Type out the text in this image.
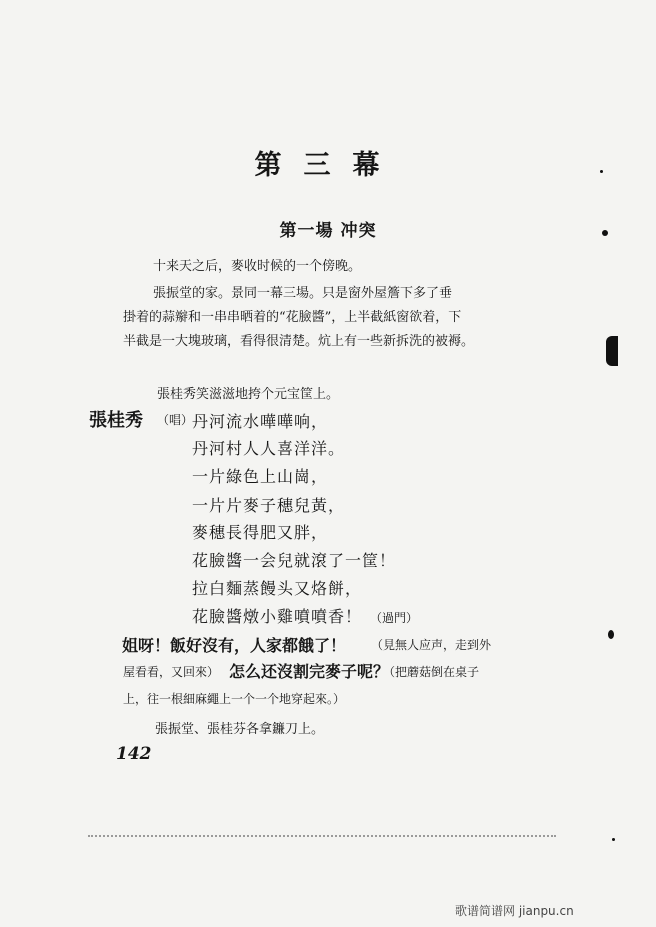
第三幕
第一場 冲突
十来天之后，麥收时候的一个傍晚。
張振堂的家。景同一幕三場。只是窗外屋簷下多了垂
掛着的蒜辮和一串串晒着的“花臉醬”，上半截紙窗欲着，下
半截是一大塊玻璃，看得很清楚。炕上有一些新拆洗的被褥。
張桂秀笑滋滋地挎个元宝筐上。
張桂秀 （唱）
丹河流水嘩嘩响，
丹河村人人喜洋洋。
一片綠色上山崗，
一片片麥子穗兒黃，
麥穗長得肥又胖，
花臉醬一会兒就滾了一筐！
拉白麵蒸饅头又烙餅，
花臉醬燉小雞噴噴香！ （過門）
姐呀！飯好沒有，人家都餓了！ （見無人应声，走到外
屋看看，又回來） 怎么还沒割完麥子呢？
（把蘑菇倒在桌子
上，往一根細麻繩上一个一个地穿起來。）
張振堂、張桂芬各拿鐮刀上。
142
歌谱简谱网 jianpu.cn
